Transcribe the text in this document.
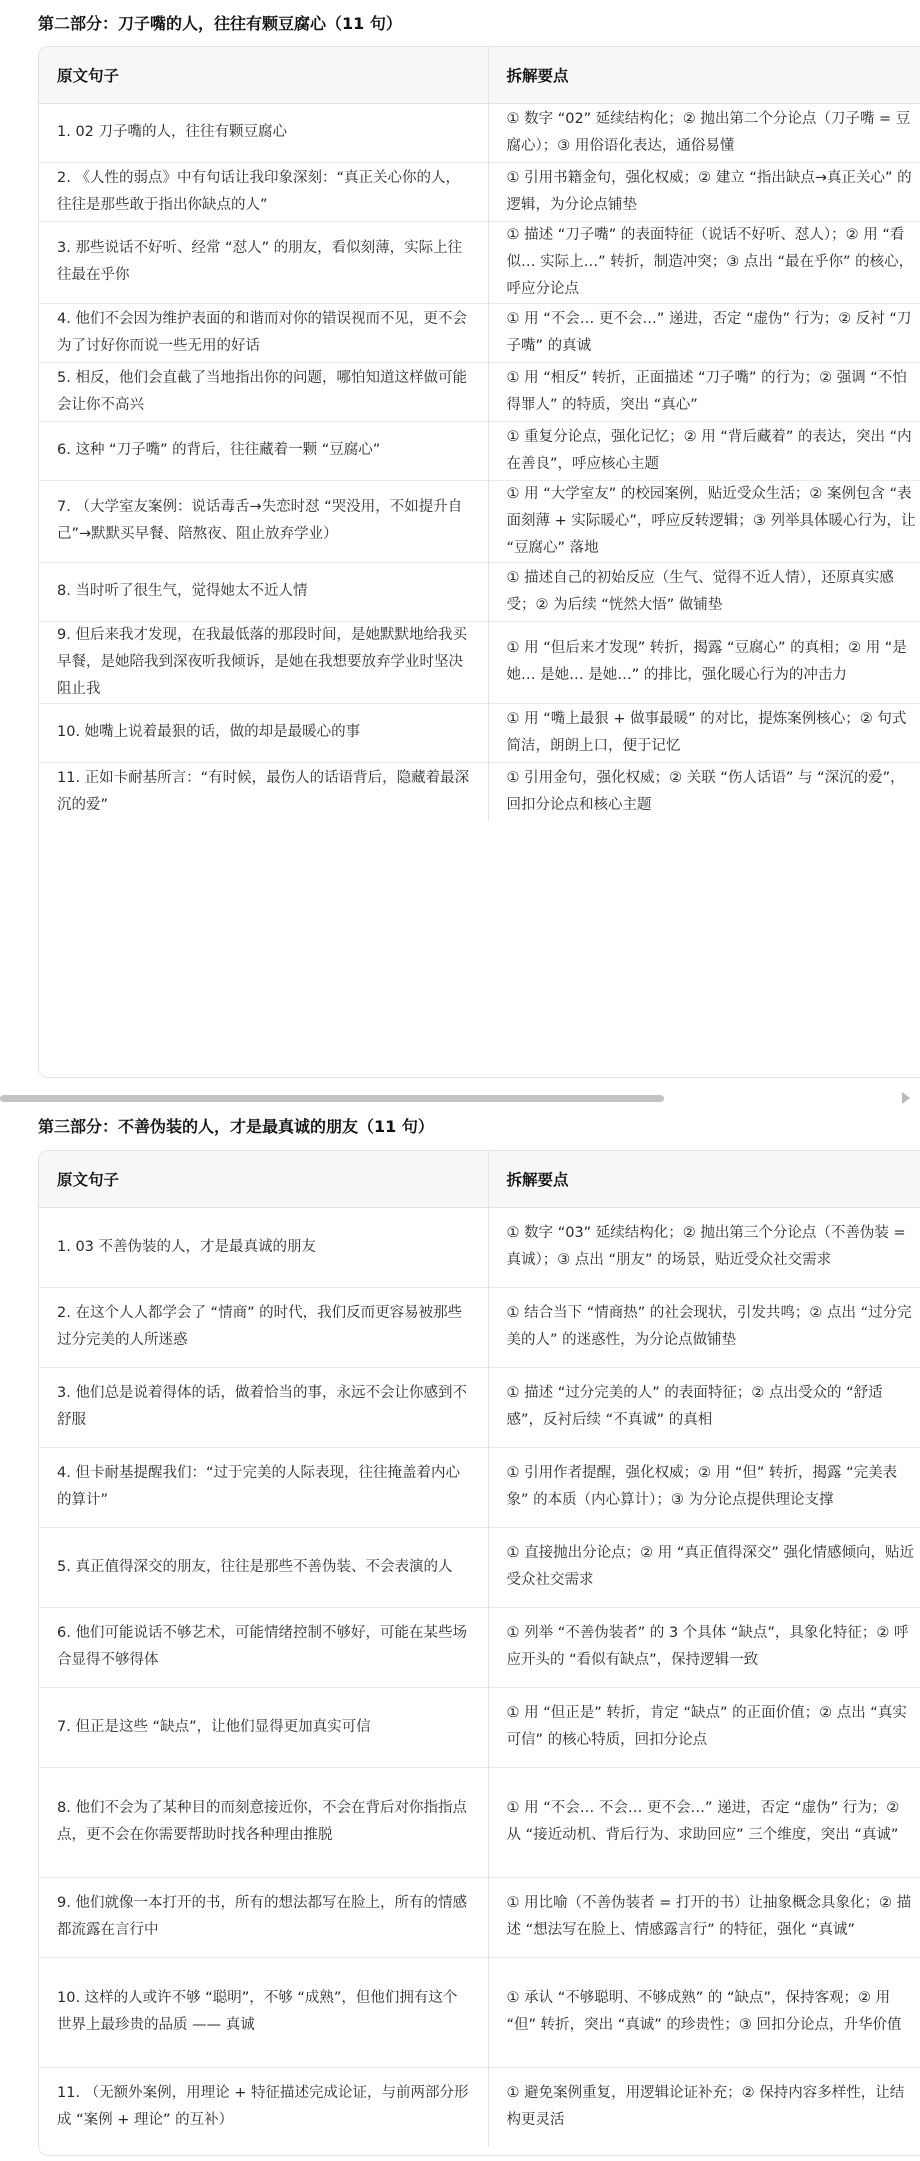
第二部分：刀子嘴的人，往往有颗豆腐心（11 句）
原文句子	拆解要点
1. 02 刀子嘴的人，往往有颗豆腐心	① 数字 “02” 延续结构化；② 抛出第二个分论点（刀子嘴 = 豆腐心）；③ 用俗语化表达，通俗易懂
2. 《人性的弱点》中有句话让我印象深刻：“真正关心你的人，往往是那些敢于指出你缺点的人”	① 引用书籍金句，强化权威；② 建立 “指出缺点→真正关心” 的逻辑，为分论点铺垫
3. 那些说话不好听、经常 “怼人” 的朋友，看似刻薄，实际上往往最在乎你	① 描述 “刀子嘴” 的表面特征（说话不好听、怼人）；② 用 “看似… 实际上…” 转折，制造冲突；③ 点出 “最在乎你” 的核心，呼应分论点
4. 他们不会因为维护表面的和谐而对你的错误视而不见，更不会为了讨好你而说一些无用的好话	① 用 “不会… 更不会…” 递进，否定 “虚伪” 行为；② 反衬 “刀子嘴” 的真诚
5. 相反，他们会直截了当地指出你的问题，哪怕知道这样做可能会让你不高兴	① 用 “相反” 转折，正面描述 “刀子嘴” 的行为；② 强调 “不怕得罪人” 的特质，突出 “真心”
6. 这种 “刀子嘴” 的背后，往往藏着一颗 “豆腐心”	① 重复分论点，强化记忆；② 用 “背后藏着” 的表达，突出 “内在善良”，呼应核心主题
7. （大学室友案例：说话毒舌→失恋时怼 “哭没用，不如提升自己”→默默买早餐、陪熬夜、阻止放弃学业）	① 用 “大学室友” 的校园案例，贴近受众生活；② 案例包含 “表面刻薄 + 实际暖心”，呼应反转逻辑；③ 列举具体暖心行为，让 “豆腐心” 落地
8. 当时听了很生气，觉得她太不近人情	① 描述自己的初始反应（生气、觉得不近人情），还原真实感受；② 为后续 “恍然大悟” 做铺垫
9. 但后来我才发现，在我最低落的那段时间，是她默默地给我买早餐，是她陪我到深夜听我倾诉，是她在我想要放弃学业时坚决阻止我	① 用 “但后来才发现” 转折，揭露 “豆腐心” 的真相；② 用 “是她… 是她… 是她…” 的排比，强化暖心行为的冲击力
10. 她嘴上说着最狠的话，做的却是最暖心的事	① 用 “嘴上最狠 + 做事最暖” 的对比，提炼案例核心；② 句式简洁，朗朗上口，便于记忆
11. 正如卡耐基所言：“有时候，最伤人的话语背后，隐藏着最深沉的爱”	① 引用金句，强化权威；② 关联 “伤人话语” 与 “深沉的爱”，回扣分论点和核心主题
第三部分：不善伪装的人，才是最真诚的朋友（11 句）
原文句子	拆解要点
1. 03 不善伪装的人，才是最真诚的朋友	① 数字 “03” 延续结构化；② 抛出第三个分论点（不善伪装 = 真诚）；③ 点出 “朋友” 的场景，贴近受众社交需求
2. 在这个人人都学会了 “情商” 的时代，我们反而更容易被那些过分完美的人所迷惑	① 结合当下 “情商热” 的社会现状，引发共鸣；② 点出 “过分完美的人” 的迷惑性，为分论点做铺垫
3. 他们总是说着得体的话，做着恰当的事，永远不会让你感到不舒服	① 描述 “过分完美的人” 的表面特征；② 点出受众的 “舒适感”，反衬后续 “不真诚” 的真相
4. 但卡耐基提醒我们：“过于完美的人际表现，往往掩盖着内心的算计”	① 引用作者提醒，强化权威；② 用 “但” 转折，揭露 “完美表象” 的本质（内心算计）；③ 为分论点提供理论支撑
5. 真正值得深交的朋友，往往是那些不善伪装、不会表演的人	① 直接抛出分论点；② 用 “真正值得深交” 强化情感倾向，贴近受众社交需求
6. 他们可能说话不够艺术，可能情绪控制不够好，可能在某些场合显得不够得体	① 列举 “不善伪装者” 的 3 个具体 “缺点”，具象化特征；② 呼应开头的 “看似有缺点”，保持逻辑一致
7. 但正是这些 “缺点”，让他们显得更加真实可信	① 用 “但正是” 转折，肯定 “缺点” 的正面价值；② 点出 “真实可信” 的核心特质，回扣分论点
8. 他们不会为了某种目的而刻意接近你，不会在背后对你指指点点，更不会在你需要帮助时找各种理由推脱	① 用 “不会… 不会… 更不会…” 递进，否定 “虚伪” 行为；② 从 “接近动机、背后行为、求助回应” 三个维度，突出 “真诚”
9. 他们就像一本打开的书，所有的想法都写在脸上，所有的情感都流露在言行中	① 用比喻（不善伪装者 = 打开的书）让抽象概念具象化；② 描述 “想法写在脸上、情感露言行” 的特征，强化 “真诚”
10. 这样的人或许不够 “聪明”，不够 “成熟”，但他们拥有这个世界上最珍贵的品质 —— 真诚	① 承认 “不够聪明、不够成熟” 的 “缺点”，保持客观；② 用 “但” 转折，突出 “真诚” 的珍贵性；③ 回扣分论点，升华价值
11. （无额外案例，用理论 + 特征描述完成论证，与前两部分形成 “案例 + 理论” 的互补）	① 避免案例重复，用逻辑论证补充；② 保持内容多样性，让结构更灵活
